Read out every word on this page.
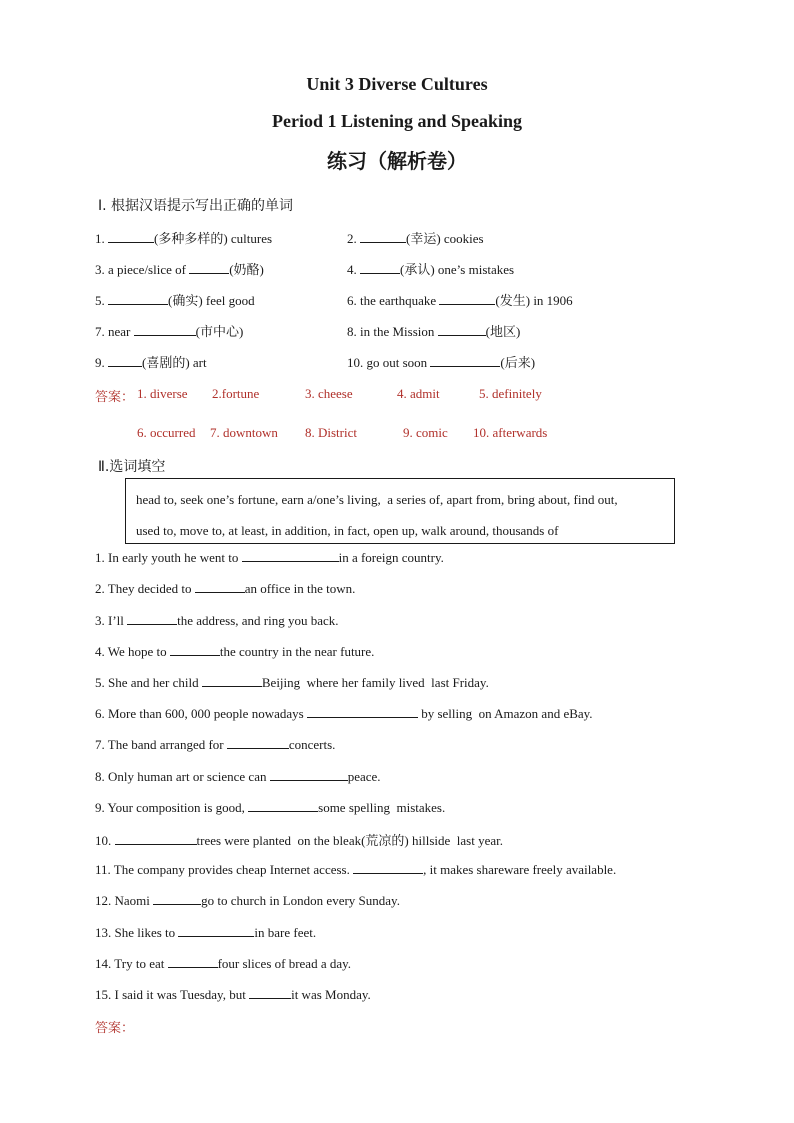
Unit 3 Diverse Cultures
Period 1 Listening and Speaking
练习（解析卷）
Ⅰ. 根据汉语提示写出正确的单词
1.	(多种多样的) cultures	2.	(幸运) cookies
3. a piece/slice of	(奶酪)	4.	(承认) one’s mistakes
5.	(确实) feel good	6. the earthquake	(发生) in 1906
7. near	(市中心)	8. in the Mission	(地区)
9.	(喜剧的) art	10. go out soon	(后来)
答案： 1. diverse 2.fortune	3. cheese	4. admit	5. definitely
6. occurred 7. downtown 8. District	9. comic 10. afterwards
Ⅱ.选词填空
head to, seek one’s fortune, earn a/one’s living,  a series of, apart from, bring about, find out,
used to, move to, at least, in addition, in fact, open up, walk around, thousands of
1. In early youth he went to	in a foreign country.
2. They decided to	an office in the town.
3. I’ll	the address, and ring you back.
4. We hope to	the country in the near future.
5. She and her child	Beijing  where her family lived  last Friday.
6. More than 600, 000 people nowadays	by selling  on Amazon and eBay.
7. The band arranged for	concerts.
8. Only human art or science can	peace.
9. Your composition is good,	some spelling  mistakes.
10.	trees were planted  on the bleak(荒凉的) hillside  last year.
11. The company provides cheap Internet access.	, it makes shareware freely available.
12. Naomi	go to church in London every Sunday.
13. She likes to	in bare feet.
14. Try to eat	four slices of bread a day.
15. I said it was Tuesday, but	it was Monday.
答案：
